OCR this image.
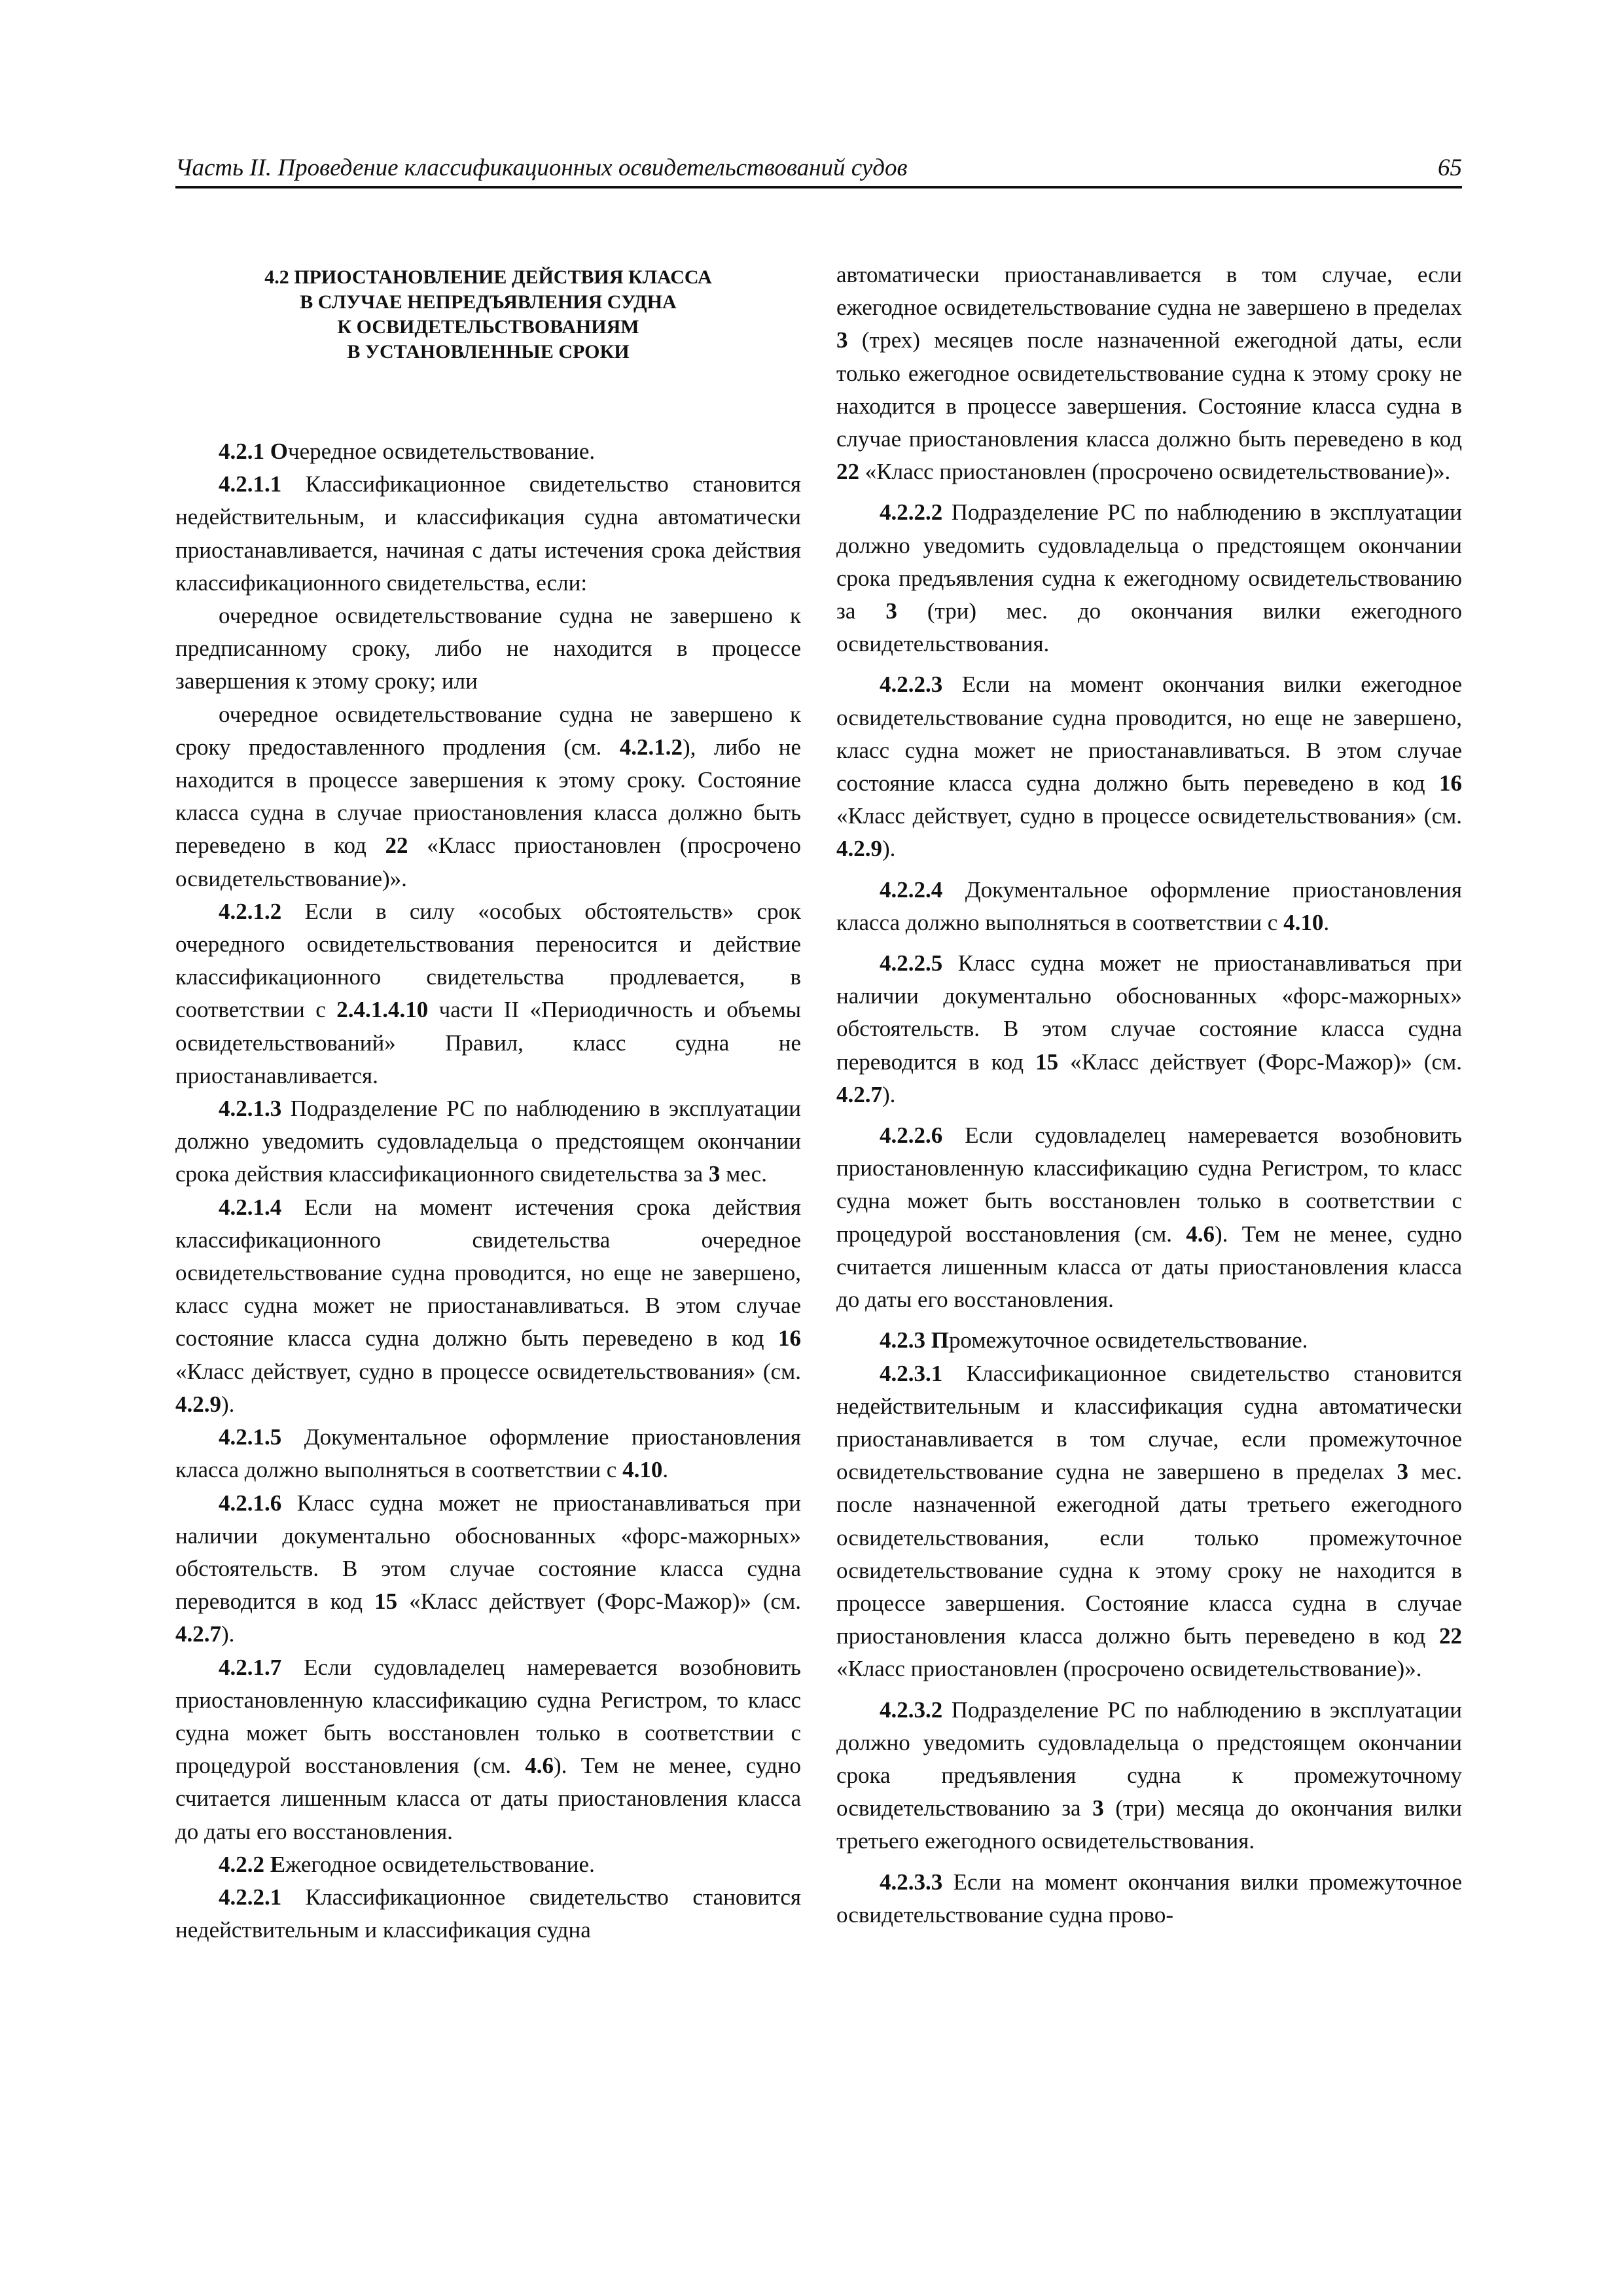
Часть II. Проведение классификационных освидетельствований судов	65
4.2 ПРИОСТАНОВЛЕНИЕ ДЕЙСТВИЯ КЛАССА
В СЛУЧАЕ НЕПРЕДЪЯВЛЕНИЯ СУДНА
К ОСВИДЕТЕЛЬСТВОВАНИЯМ
В УСТАНОВЛЕННЫЕ СРОКИ

4.2.1 Очередное освидетельствование.

4.2.1.1 Классификационное свидетельство становится недействительным, и классификация судна автоматически приостанавливается, начиная с даты истечения срока действия классификационного свидетельства, если:

очередное освидетельствование судна не завершено к предписанному сроку, либо не находится в процессе завершения к этому сроку; или

очередное освидетельствование судна не завершено к сроку предоставленного продления (см. 4.2.1.2), либо не находится в процессе завершения к этому сроку. Состояние класса судна в случае приостановления класса должно быть переведено в код 22 «Класс приостановлен (просрочено освидетельствование)».

4.2.1.2 Если в силу «особых обстоятельств» срок очередного освидетельствования переносится и действие классификационного свидетельства продлевается, в соответствии с 2.4.1.4.10 части II «Периодичность и объемы освидетельствований» Правил, класс судна не приостанавливается.

4.2.1.3 Подразделение РС по наблюдению в эксплуатации должно уведомить судовладельца о предстоящем окончании срока действия классификационного свидетельства за 3 мес.

4.2.1.4 Если на момент истечения срока действия классификационного свидетельства очередное освидетельствование судна проводится, но еще не завершено, класс судна может не приостанавливаться. В этом случае состояние класса судна должно быть переведено в код 16 «Класс действует, судно в процессе освидетельствования» (см. 4.2.9).

4.2.1.5 Документальное оформление приостановления класса должно выполняться в соответствии с 4.10.

4.2.1.6 Класс судна может не приостанавливаться при наличии документально обоснованных «форс-мажорных» обстоятельств. В этом случае состояние класса судна переводится в код 15 «Класс действует (Форс-Мажор)» (см. 4.2.7).

4.2.1.7 Если судовладелец намеревается возобновить приостановленную классификацию судна Регистром, то класс судна может быть восстановлен только в соответствии с процедурой восстановления (см. 4.6). Тем не менее, судно считается лишенным класса от даты приостановления класса до даты его восстановления.

4.2.2 Ежегодное освидетельствование.

4.2.2.1 Классификационное свидетельство становится недействительным и классификация судна

автоматически приостанавливается в том случае, если ежегодное освидетельствование судна не завершено в пределах 3 (трех) месяцев после назначенной ежегодной даты, если только ежегодное освидетельствование судна к этому сроку не находится в процессе завершения. Состояние класса судна в случае приостановления класса должно быть переведено в код 22 «Класс приостановлен (просрочено освидетельствование)».

4.2.2.2 Подразделение РС по наблюдению в эксплуатации должно уведомить судовладельца о предстоящем окончании срока предъявления судна к ежегодному освидетельствованию за 3 (три) мес. до окончания вилки ежегодного освидетельствования.

4.2.2.3 Если на момент окончания вилки ежегодное освидетельствование судна проводится, но еще не завершено, класс судна может не приостанавливаться. В этом случае состояние класса судна должно быть переведено в код 16 «Класс действует, судно в процессе освидетельствования» (см. 4.2.9).

4.2.2.4 Документальное оформление приостановления класса должно выполняться в соответствии с 4.10.

4.2.2.5 Класс судна может не приостанавливаться при наличии документально обоснованных «форс-мажорных» обстоятельств. В этом случае состояние класса судна переводится в код 15 «Класс действует (Форс-Мажор)» (см. 4.2.7).

4.2.2.6 Если судовладелец намеревается возобновить приостановленную классификацию судна Регистром, то класс судна может быть восстановлен только в соответствии с процедурой восстановления (см. 4.6). Тем не менее, судно считается лишенным класса от даты приостановления класса до даты его восстановления.

4.2.3 Промежуточное освидетельствование.

4.2.3.1 Классификационное свидетельство становится недействительным и классификация судна автоматически приостанавливается в том случае, если промежуточное освидетельствование судна не завершено в пределах 3 мес. после назначенной ежегодной даты третьего ежегодного освидетельствования, если только промежуточное освидетельствование судна к этому сроку не находится в процессе завершения. Состояние класса судна в случае приостановления класса должно быть переведено в код 22 «Класс приостановлен (просрочено освидетельствование)».

4.2.3.2 Подразделение РС по наблюдению в эксплуатации должно уведомить судовладельца о предстоящем окончании срока предъявления судна к промежуточному освидетельствованию за 3 (три) месяца до окончания вилки третьего ежегодного освидетельствования.

4.2.3.3 Если на момент окончания вилки промежуточное освидетельствование судна прово-
